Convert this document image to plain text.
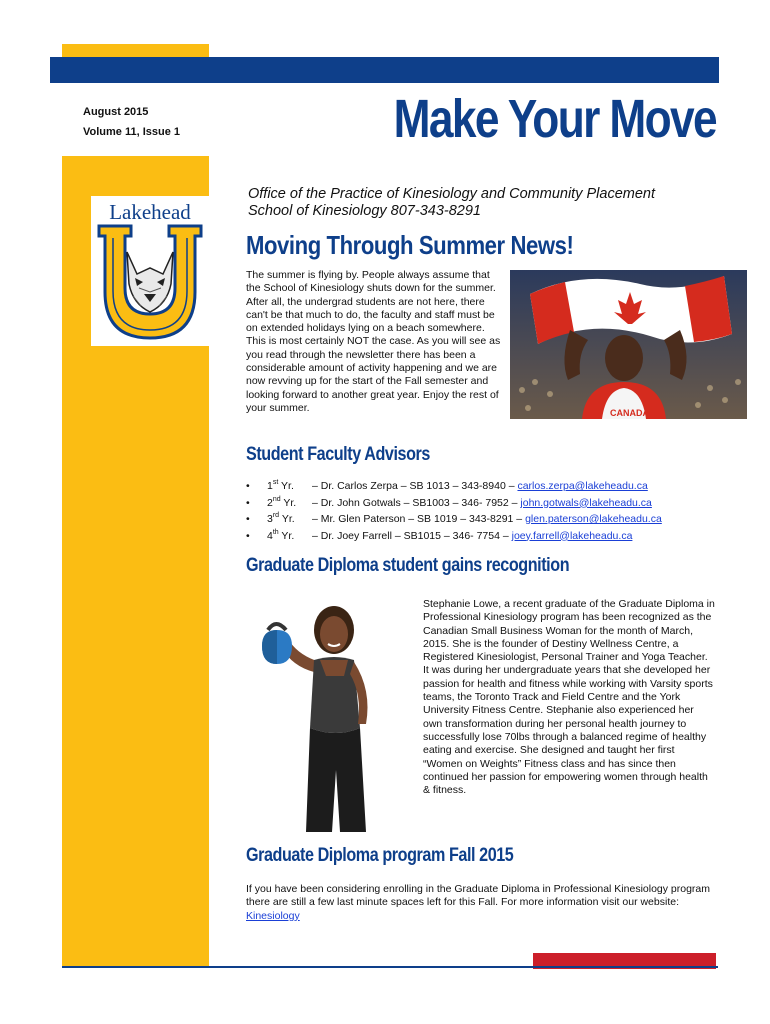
August 2015
Volume 11, Issue 1	Make Your Move
Office of the Practice of Kinesiology and Community Placement
School of Kinesiology 807-343-8291
Lakehead
Moving Through Summer News!
The summer is flying by. People always assume that the School of Kinesiology shuts down for the summer. After all, the undergrad students are not here, there can't be that much to do, the faculty and staff must be on extended holidays lying on a beach somewhere. This is most certainly NOT the case. As you will see as you read through the newsletter there has been a considerable amount of activity happening and we are now revving up for the start of the Fall semester and looking forward to another great year. Enjoy the rest of your summer.	CANADA
Student Faculty Advisors
• 1st Yr. – Dr. Carlos Zerpa – SB 1013 – 343-8940 – carlos.zerpa@lakeheadu.ca
• 2nd Yr. – Dr. John Gotwals – SB1003 – 346- 7952 – john.gotwals@lakeheadu.ca
• 3rd Yr. – Mr. Glen Paterson – SB 1019 – 343-8291 – glen.paterson@lakeheadu.ca
• 4th Yr. – Dr. Joey Farrell – SB1015 – 346- 7754 – joey.farrell@lakeheadu.ca
Graduate Diploma student gains recognition
Stephanie Lowe, a recent graduate of the Graduate Diploma in Professional Kinesiology program has been recognized as the Canadian Small Business Woman for the month of March, 2015. She is the founder of Destiny Wellness Centre, a Registered Kinesiologist, Personal Trainer and Yoga Teacher. It was during her undergraduate years that she developed her passion for health and fitness while working with Varsity sports teams, the Toronto Track and Field Centre and the York University Fitness Centre. Stephanie also experienced her own transformation during her personal health journey to successfully lose 70lbs through a balanced regime of healthy eating and exercise. She designed and taught her first “Women on Weights” Fitness class and has since then continued her passion for empowering women through health & fitness.
Graduate Diploma program Fall 2015
If you have been considering enrolling in the Graduate Diploma in Professional Kinesiology program there are still a few last minute spaces left for this Fall. For more information visit our website: Kinesiology
